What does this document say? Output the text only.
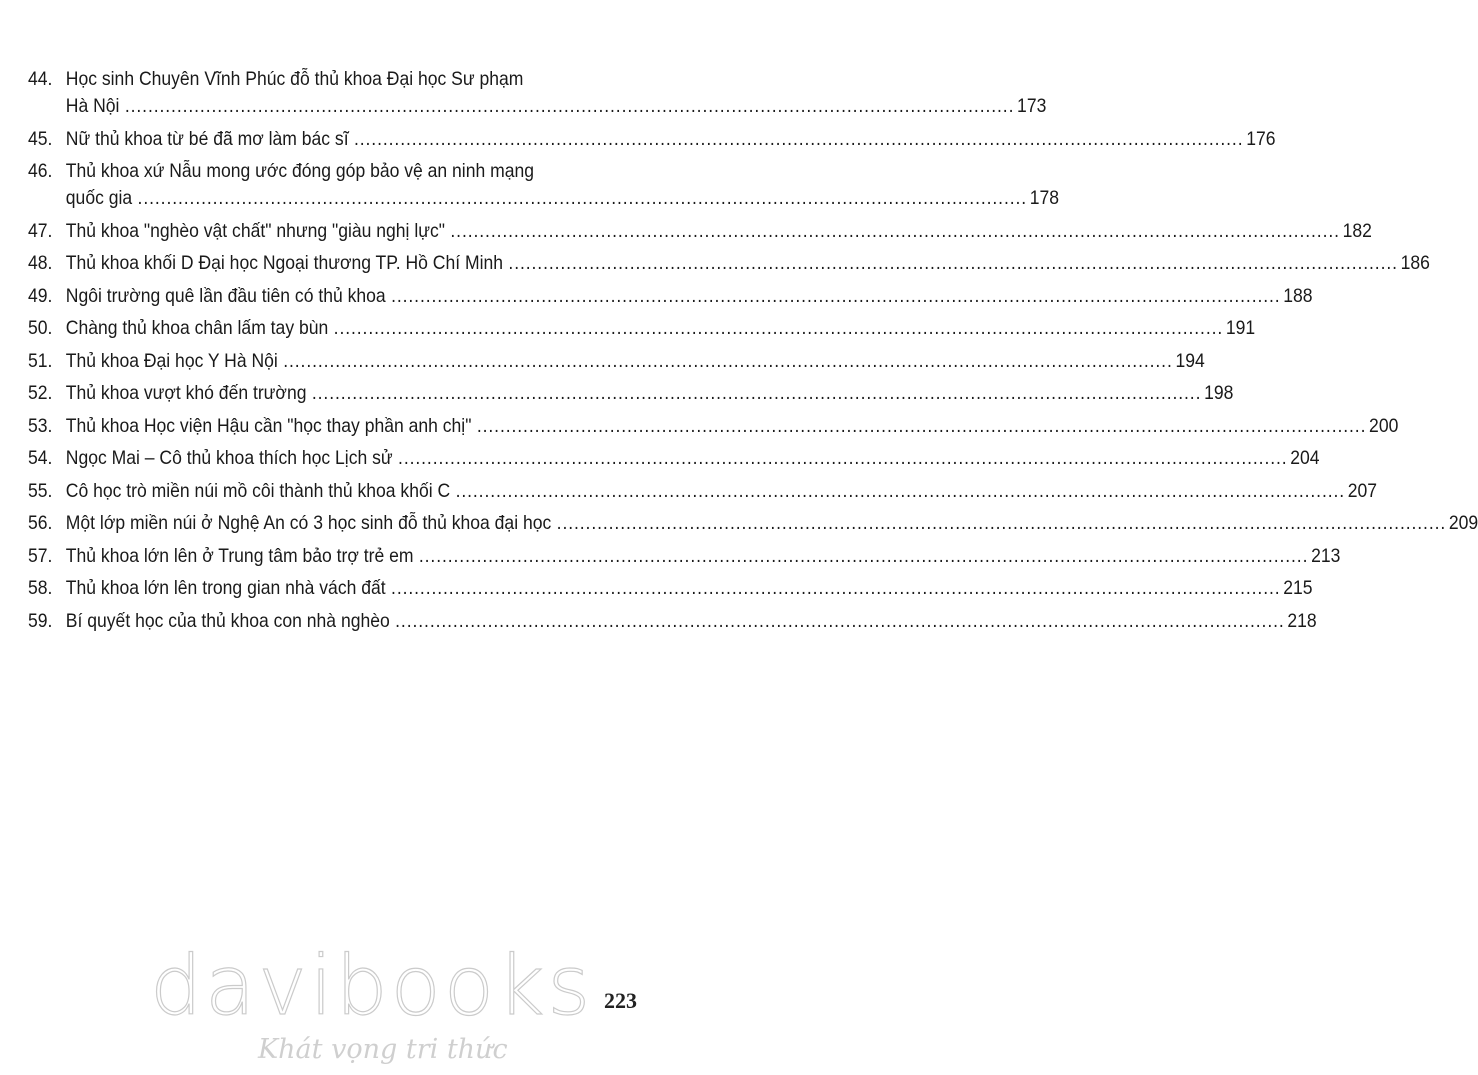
44. Học sinh Chuyên Vĩnh Phúc đỗ thủ khoa Đại học Sư phạm
Hà Nội .....	173
45. Nữ thủ khoa từ bé đã mơ làm bác sĩ .....	176
46. Thủ khoa xứ Nẫu mong ước đóng góp bảo vệ an ninh mạng
quốc gia .....	178
47. Thủ khoa "nghèo vật chất" nhưng "giàu nghị lực" .....	182
48. Thủ khoa khối D Đại học Ngoại thương TP. Hồ Chí Minh .....	186
49. Ngôi trường quê lần đầu tiên có thủ khoa .....	188
50. Chàng thủ khoa chân lấm tay bùn .....	191
51. Thủ khoa Đại học Y Hà Nội .....	194
52. Thủ khoa vượt khó đến trường .....	198
53. Thủ khoa Học viện Hậu cần "học thay phần anh chị" .....	200
54. Ngọc Mai – Cô thủ khoa thích học Lịch sử .....	204
55. Cô học trò miền núi mồ côi thành thủ khoa khối C .....	207
56. Một lớp miền núi ở Nghệ An có 3 học sinh đỗ thủ khoa đại học .....	209
57. Thủ khoa lớn lên ở Trung tâm bảo trợ trẻ em .....	213
58. Thủ khoa lớn lên trong gian nhà vách đất .....	215
59. Bí quyết học của thủ khoa con nhà nghèo .....	218
223
davibooks
Khát vọng tri thức
